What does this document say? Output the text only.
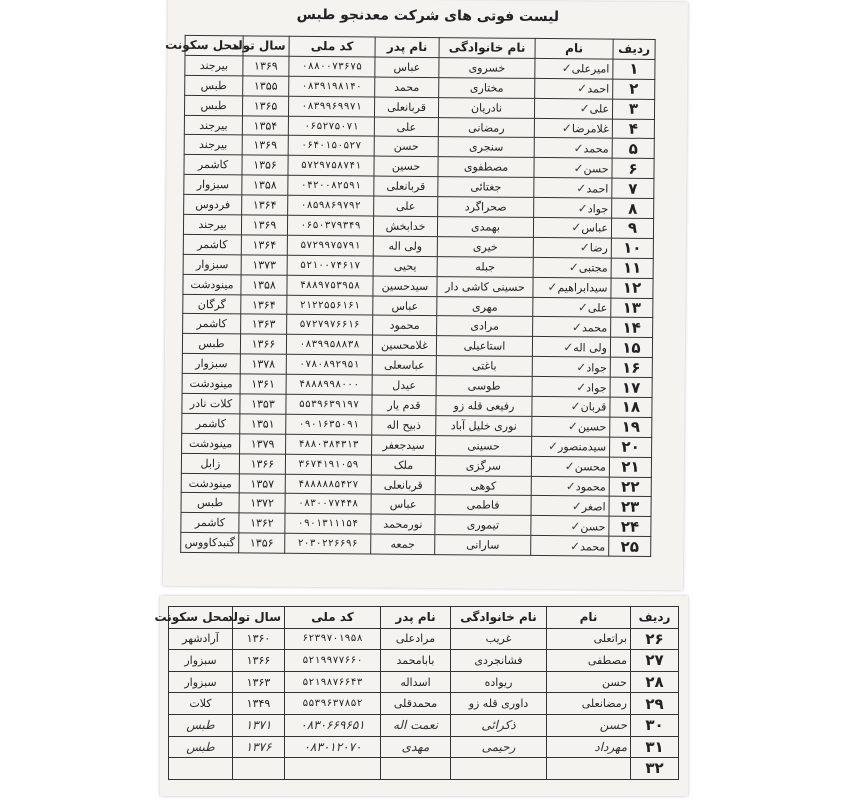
لیست فوتی های شرکت معدنجو طبس
ردیف	نام	نام خانوادگی	نام پدر	کد ملی	سال تولد	محل سکونت
۱	امیرعلی✓	خسروی	عباس	۰۸۸۰۰۷۳۶۷۵	۱۳۶۹	بیرجند
۲	احمد✓	مختاری	محمد	۰۸۳۹۱۹۸۱۴۰	۱۳۵۵	طبس
۳	علی✓	نادریان	قربانعلی	۰۸۳۹۹۶۹۹۷۱	۱۳۶۵	طبس
۴	غلامرضا✓	رمضانی	علی	۰۶۵۲۷۵۰۷۱	۱۳۵۴	بیرجند
۵	محمد✓	سنجری	حسن	۰۶۴۰۱۵۰۵۲۷	۱۳۶۹	بیرجند
۶	حسن✓	مصطفوی	حسین	۵۷۲۹۷۵۸۷۴۱	۱۳۵۶	کاشمر
۷	احمد✓	جغتائی	قربانعلی	۰۴۲۰۰۸۲۵۹۱	۱۳۵۸	سبزوار
۸	جواد✓	صحراگرد	علی	۰۸۵۹۸۶۹۷۹۲	۱۳۶۴	فردوس
۹	عباس✓	بهمدی	خدابخش	۰۶۵۰۳۷۹۳۴۹	۱۳۶۹	بیرجند
۱۰	رضا✓	خیری	ولی اله	۵۷۲۹۹۷۵۷۹۱	۱۳۶۴	کاشمر
۱۱	مجتبی✓	جبله	یحیی	۵۲۱۰۰۷۴۶۱۷	۱۳۷۳	سبزوار
۱۲	سیدابراهیم✓	حسینی کاشی دار	سیدحسین	۴۸۸۹۷۵۳۹۵۸	۱۳۵۸	مینودشت
۱۳	علی✓	مهری	عباس	۲۱۲۲۵۵۶۱۶۱	۱۳۶۴	گرگان
۱۴	محمد✓	مرادی	محمود	۵۷۲۷۹۷۶۶۱۶	۱۳۶۳	کاشمر
۱۵	ولی اله✓	استاعیلی	غلامحسین	۰۸۳۹۹۵۸۸۳۸	۱۳۶۶	طبس
۱۶	جواد✓	باغتی	عباسعلی	۰۷۸۰۸۹۲۹۵۱	۱۳۷۸	سبزوار
۱۷	جواد✓	طوسی	عیدل	۴۸۸۸۹۹۸۰۰۰	۱۳۶۱	مینودشت
۱۸	قربان✓	رفیعی قله زو	قدم یار	۵۵۳۹۶۳۹۱۹۷	۱۳۵۳	کلات نادر
۱۹	حسین✓	نوری خلیل آباد	ذبیح اله	۰۹۰۱۶۳۵۰۹۱	۱۳۵۱	کاشمر
۲۰	سیدمنصور✓	حسینی	سیدجعفر	۴۸۸۰۳۸۴۳۱۳	۱۳۷۹	مینودشت
۲۱	محسن✓	سرگزی	ملک	۳۶۷۴۱۹۱۰۵۹	۱۳۶۶	زابل
۲۲	محمود✓	کوهی	قربانعلی	۴۸۸۸۸۸۵۴۲۷	۱۳۵۷	مینودشت
۲۳	اصغر✓	فاطمی	عباس	۰۸۳۰۰۷۷۴۴۸	۱۳۷۲	طبس
۲۴	حسن✓	تیموری	نورمحمد	۰۹۰۱۳۱۱۱۵۴	۱۳۶۲	کاشمر
۲۵	محمد✓	سارانی	جمعه	۲۰۳۰۲۲۶۶۹۶	۱۳۵۶	گنبدکاووس
ردیف	نام	نام خانوادگی	نام پدر	کد ملی	سال تولد	محل سکونت
۲۶	براتعلی	غریب	مرادعلی	۶۲۳۹۷۰۱۹۵۸	۱۳۶۰	آرادشهر
۲۷	مصطفی	فشانجردی	بابامحمد	۵۲۱۹۹۷۷۶۶۰	۱۳۶۶	سبزوار
۲۸	حسن	ریواده	اسداله	۵۲۱۹۸۷۶۶۴۳	۱۳۶۳	سبزوار
۲۹	رمضانعلی	داوری قله زو	محمدقلی	۵۵۳۹۶۳۷۸۵۲	۱۳۴۹	کلات
۳۰	حسن	ذکرائی	نعمت اله	۰۸۳۰۶۶۹۶۵۱	۱۳۷۱	طبس
۳۱	مهرداد	رحیمی	مهدی	۰۸۳۰۱۲۰۷۰	۱۳۷۶	طبس
۳۲						
